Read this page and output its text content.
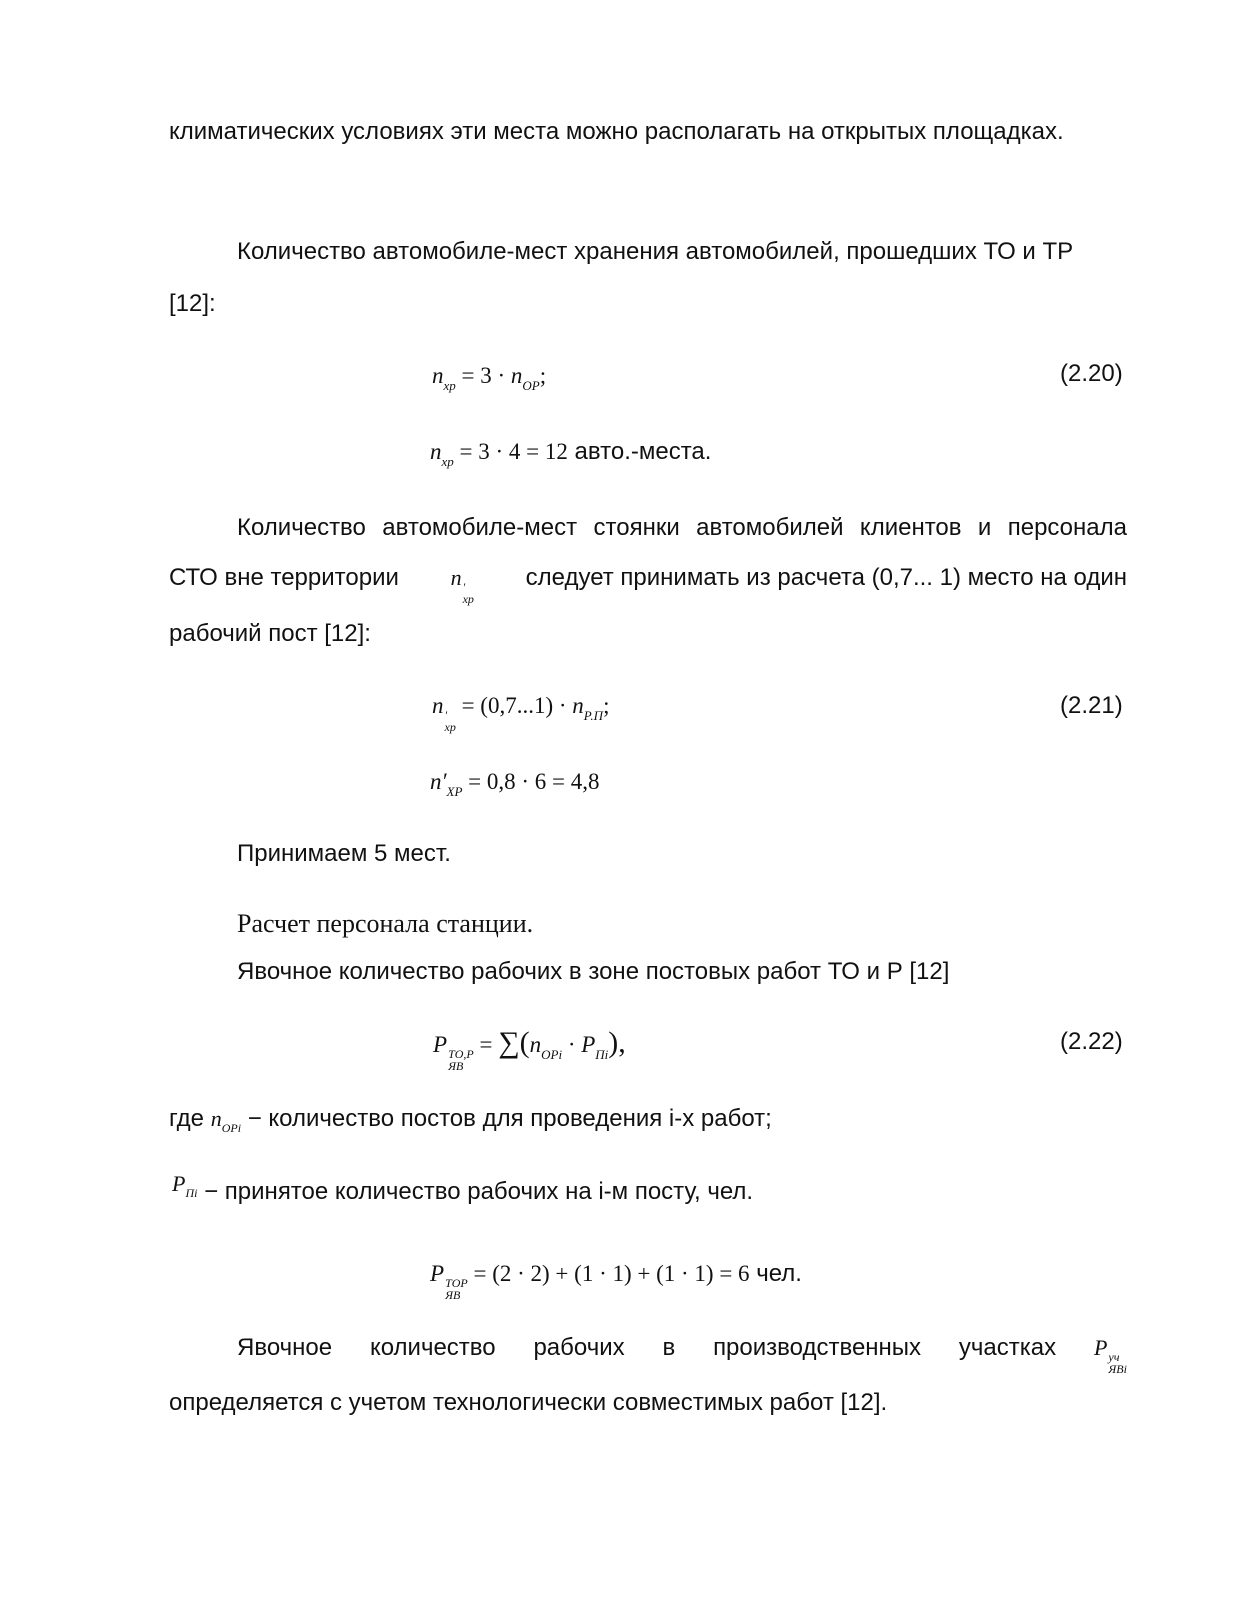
климатических условиях эти места можно располагать на открытых площадках.
Количество автомобиле-мест хранения автомобилей, прошедших ТО и ТР
[12]:
$n_{хр} = 3 \cdot n_{ОР}$;	(2.20)
$n_{хр} = 3 \cdot 4 = 12$ авто.-места.
Количество автомобиле-мест стоянки автомобилей клиентов и персонала
СТО вне территории n '
хр
следует принимать из расчета (0,7... 1) место на один
рабочий пост [12]:
n '
хр
= $(0,7...1) \cdot n_{Р.П}$;	(2.21)
$n'_{ХР} = 0,8 \cdot 6 = 4,8$
Принимаем 5 мест.
Расчет персонала станции.
Явочное количество рабочих в зоне постовых работ ТО и Р [12]
P ТО,Р
ЯВ
= $\sum(n_{ОРi} \cdot P_{Пi})$,	(2.22)
где $n_{ОРi}$ − количество постов для проведения i-х работ;
$P_{Пi}$ − принятое количество рабочих на i-м посту, чел.
P ТОР
ЯВ
= (2 · 2) + (1 · 1) + (1 · 1) = 6 чел.
Явочное количество рабочих в производственных участках P уч
ЯВi
определяется с учетом технологически совместимых работ [12].
